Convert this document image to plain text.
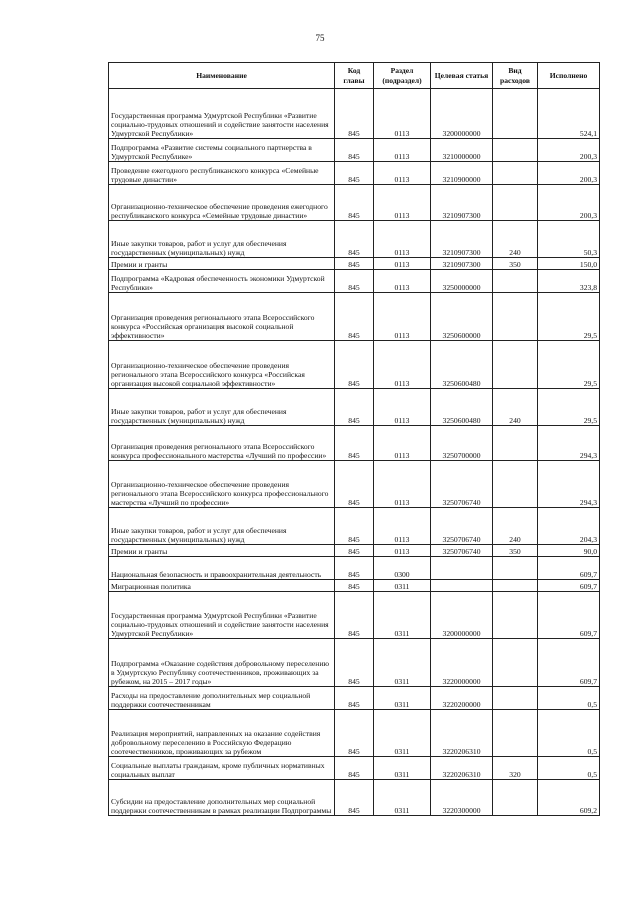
75
Наименование	Код главы	Раздел (подраздел)	Целевая статья	Вид расходов	Исполнено
Государственная программа Удмуртской Республики «Развитие социально-трудовых отношений и содействие занятости населения Удмуртской Республики»	845	0113	3200000000		524,1
Подпрограмма «Развитие системы социального партнерства в Удмуртской Республике»	845	0113	3210000000		200,3
Проведение ежегодного республиканского конкурса «Семейные трудовые династии»	845	0113	3210900000		200,3
Организационно-техническое обеспечение проведения ежегодного республиканского конкурса «Семейные трудовые династии»	845	0113	3210907300		200,3
Иные закупки товаров, работ и услуг для обеспечения государственных (муниципальных) нужд	845	0113	3210907300	240	50,3
Премии и гранты	845	0113	3210907300	350	150,0
Подпрограмма «Кадровая обеспеченность экономики Удмуртской Республики»	845	0113	3250000000		323,8
Организация проведения регионального этапа Всероссийского конкурса «Российская организация высокой социальной эффективности»	845	0113	3250600000		29,5
Организационно-техническое обеспечение проведения регионального этапа Всероссийского конкурса «Российская организация высокой социальной эффективности»	845	0113	3250600480		29,5
Иные закупки товаров, работ и услуг для обеспечения государственных (муниципальных) нужд	845	0113	3250600480	240	29,5
Организация проведения регионального этапа Всероссийского конкурса профессионального мастерства «Лучший по профессии»	845	0113	3250700000		294,3
Организационно-техническое обеспечение проведения регионального этапа Всероссийского конкурса профессионального мастерства «Лучший по профессии»	845	0113	3250706740		294,3
Иные закупки товаров, работ и услуг для обеспечения государственных (муниципальных) нужд	845	0113	3250706740	240	204,3
Премии и гранты	845	0113	3250706740	350	90,0
Национальная безопасность и правоохранительная деятельность	845	0300			609,7
Миграционная политика	845	0311			609,7
Государственная программа Удмуртской Республики «Развитие социально-трудовых отношений и содействие занятости населения Удмуртской Республики»	845	0311	3200000000		609,7
Подпрограмма «Оказание содействия добровольному переселению в Удмуртскую Республику соотечественников, проживающих за рубежом, на 2015 – 2017 годы»	845	0311	3220000000		609,7
Расходы на предоставление дополнительных мер социальной поддержки соотечественникам	845	0311	3220200000		0,5
Реализация мероприятий, направленных на оказание содействия добровольному переселению в Российскую Федерацию соотечественников, проживающих за рубежом	845	0311	3220206310		0,5
Социальные выплаты гражданам, кроме публичных нормативных социальных выплат	845	0311	3220206310	320	0,5
Субсидии на предоставление дополнительных мер социальной поддержки соотечественникам в рамках реализации Подпрограммы	845	0311	3220300000		609,2
